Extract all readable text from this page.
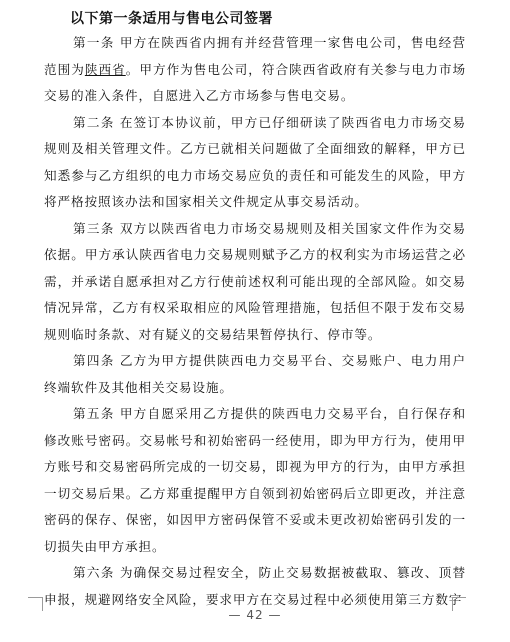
以下第一条适用与售电公司签署

第一条 甲方在陕西省内拥有并经营管理一家售电公司，售电经营范围为陕西省。甲方作为售电公司，符合陕西省政府有关参与电力市场交易的准入条件，自愿进入乙方市场参与售电交易。

第二条 在签订本协议前，甲方已仔细研读了陕西省电力市场交易规则及相关管理文件。乙方已就相关问题做了全面细致的解释，甲方已知悉参与乙方组织的电力市场交易应负的责任和可能发生的风险，甲方将严格按照该办法和国家相关文件规定从事交易活动。

第三条 双方以陕西省电力市场交易规则及相关国家文件作为交易依据。甲方承认陕西省电力交易规则赋予乙方的权利实为市场运营之必需，并承诺自愿承担对乙方行使前述权利可能出现的全部风险。如交易情况异常，乙方有权采取相应的风险管理措施，包括但不限于发布交易规则临时条款、对有疑义的交易结果暂停执行、停市等。

第四条 乙方为甲方提供陕西电力交易平台、交易账户、电力用户终端软件及其他相关交易设施。

第五条 甲方自愿采用乙方提供的陕西电力交易平台，自行保存和修改账号密码。交易帐号和初始密码一经使用，即为甲方行为，使用甲方账号和交易密码所完成的一切交易，即视为甲方的行为，由甲方承担一切交易后果。乙方郑重提醒甲方自领到初始密码后立即更改，并注意密码的保存、保密，如因甲方密码保管不妥或未更改初始密码引发的一切损失由甲方承担。

第六条 为确保交易过程安全，防止交易数据被截取、篡改、顶替申报，规避网络安全风险，要求甲方在交易过程中必须使用第三方数字

— 42 —
